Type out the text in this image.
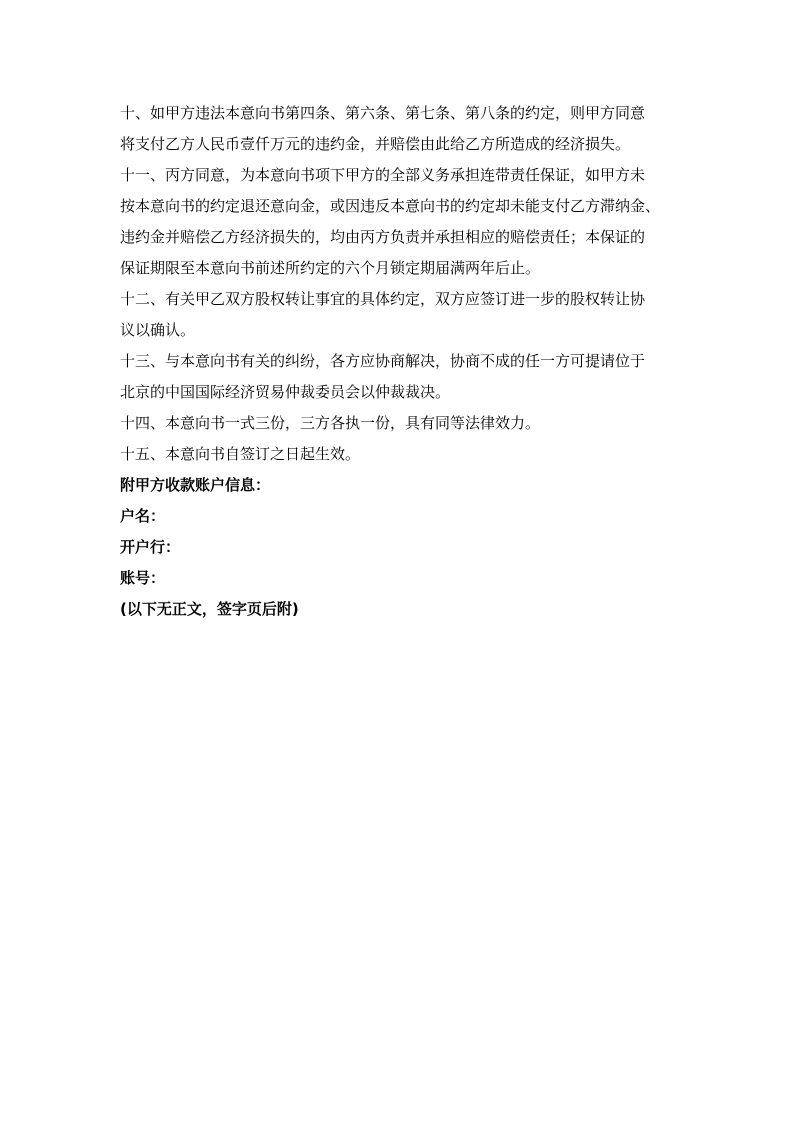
十、如甲方违法本意向书第四条、第六条、第七条、第八条的约定，则甲方同意

将支付乙方人民币壹仟万元的违约金，并赔偿由此给乙方所造成的经济损失。

十一、丙方同意，为本意向书项下甲方的全部义务承担连带责任保证，如甲方未

按本意向书的约定退还意向金，或因违反本意向书的约定却未能支付乙方滞纳金、

违约金并赔偿乙方经济损失的，均由丙方负责并承担相应的赔偿责任；本保证的

保证期限至本意向书前述所约定的六个月锁定期届满两年后止。

十二、有关甲乙双方股权转让事宜的具体约定，双方应签订进一步的股权转让协

议以确认。

十三、与本意向书有关的纠纷，各方应协商解决，协商不成的任一方可提请位于

北京的中国国际经济贸易仲裁委员会以仲裁裁决。

十四、本意向书一式三份，三方各执一份，具有同等法律效力。

十五、本意向书自签订之日起生效。

附甲方收款账户信息：

户名：

开户行：

账号：

(以下无正文，签字页后附)
